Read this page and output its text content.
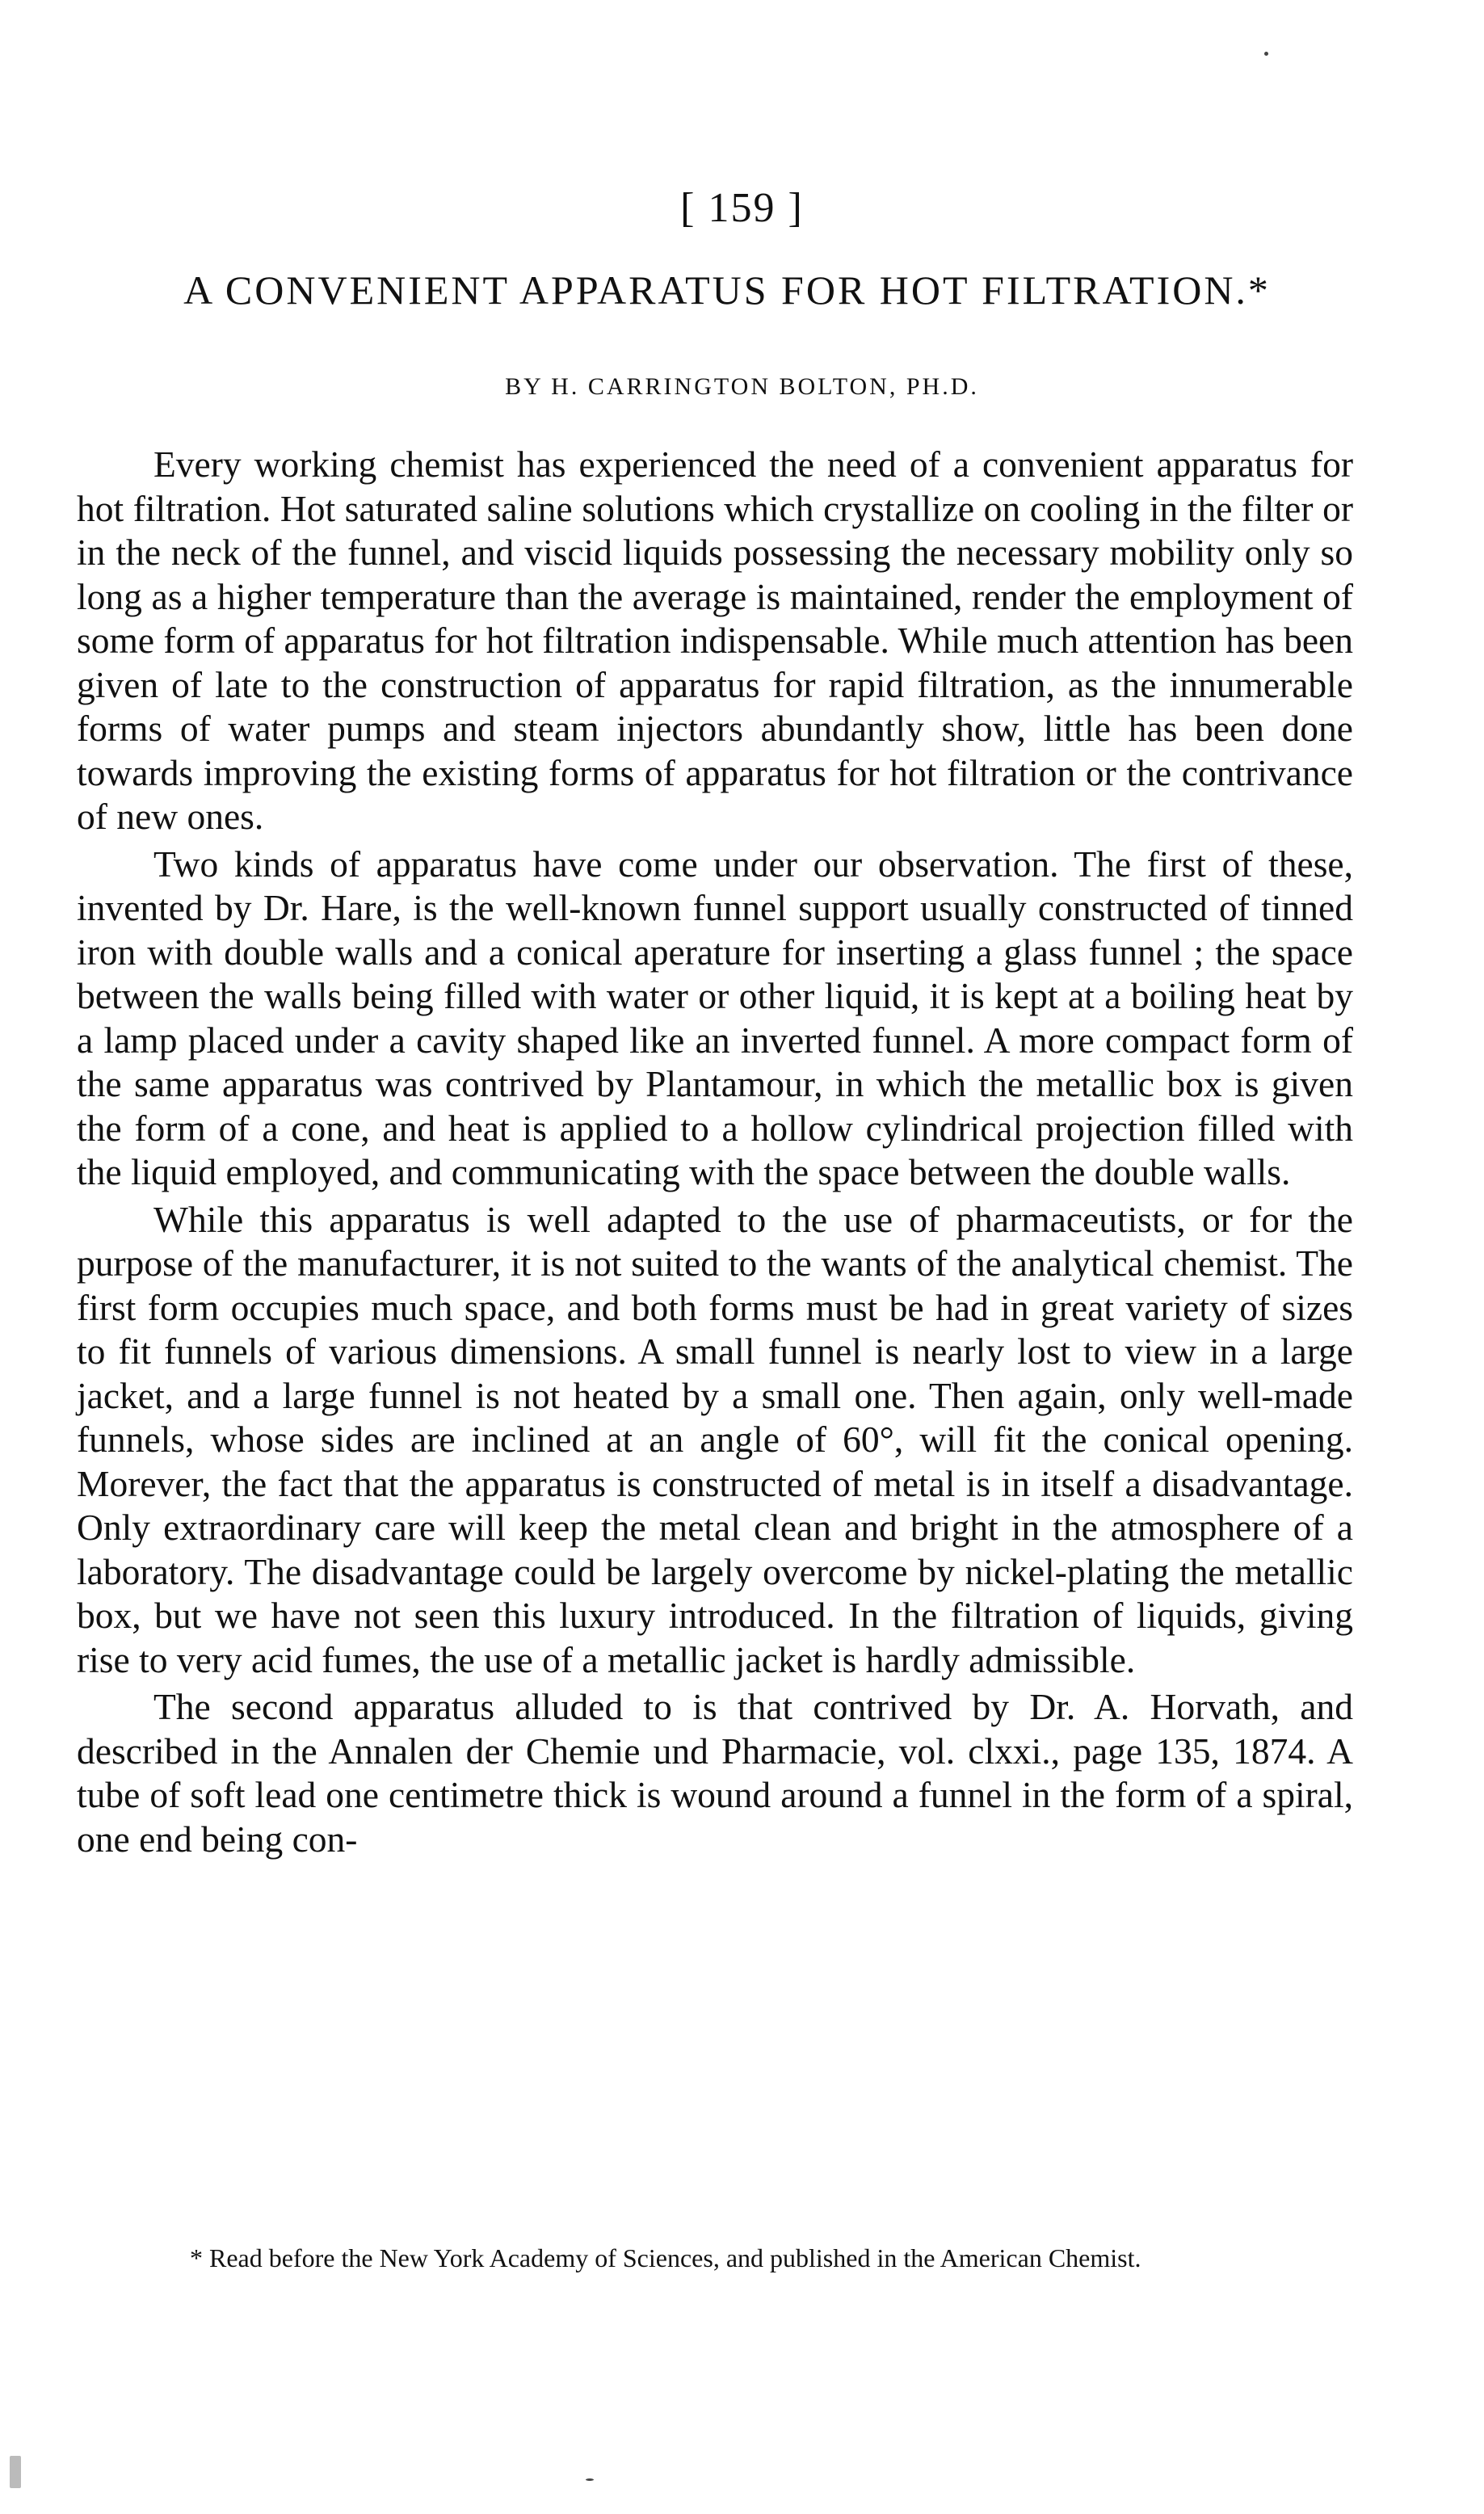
[ 159 ]
A CONVENIENT APPARATUS FOR HOT FILTRATION.*
BY H. CARRINGTON BOLTON, PH.D.

Every working chemist has experienced the need of a convenient apparatus for hot filtration. Hot saturated saline solutions which crystallize on cooling in the filter or in the neck of the funnel, and viscid liquids possessing the necessary mobility only so long as a higher temperature than the average is maintained, render the employment of some form of apparatus for hot filtration indispensable. While much attention has been given of late to the construction of apparatus for rapid filtration, as the innumerable forms of water pumps and steam injectors abundantly show, little has been done towards improving the existing forms of apparatus for hot filtration or the contrivance of new ones.

Two kinds of apparatus have come under our observation. The first of these, invented by Dr. Hare, is the well-known funnel support usually constructed of tinned iron with double walls and a conical aperature for inserting a glass funnel ; the space between the walls being filled with water or other liquid, it is kept at a boiling heat by a lamp placed under a cavity shaped like an inverted funnel. A more compact form of the same apparatus was contrived by Plantamour, in which the metallic box is given the form of a cone, and heat is applied to a hollow cylindrical projection filled with the liquid employed, and communicating with the space between the double walls.

While this apparatus is well adapted to the use of pharmaceutists, or for the purpose of the manufacturer, it is not suited to the wants of the analytical chemist. The first form occupies much space, and both forms must be had in great variety of sizes to fit funnels of various dimensions. A small funnel is nearly lost to view in a large jacket, and a large funnel is not heated by a small one. Then again, only well-made funnels, whose sides are inclined at an angle of 60°, will fit the conical opening. Morever, the fact that the apparatus is constructed of metal is in itself a disadvantage. Only extraordinary care will keep the metal clean and bright in the atmosphere of a laboratory. The disadvantage could be largely overcome by nickel-plating the metallic box, but we have not seen this luxury introduced. In the filtration of liquids, giving rise to very acid fumes, the use of a metallic jacket is hardly admissible.

The second apparatus alluded to is that contrived by Dr. A. Horvath, and described in the Annalen der Chemie und Pharmacie, vol. clxxi., page 135, 1874. A tube of soft lead one centimetre thick is wound around a funnel in the form of a spiral, one end being con-

* Read before the New York Academy of Sciences, and published in the American Chemist.
